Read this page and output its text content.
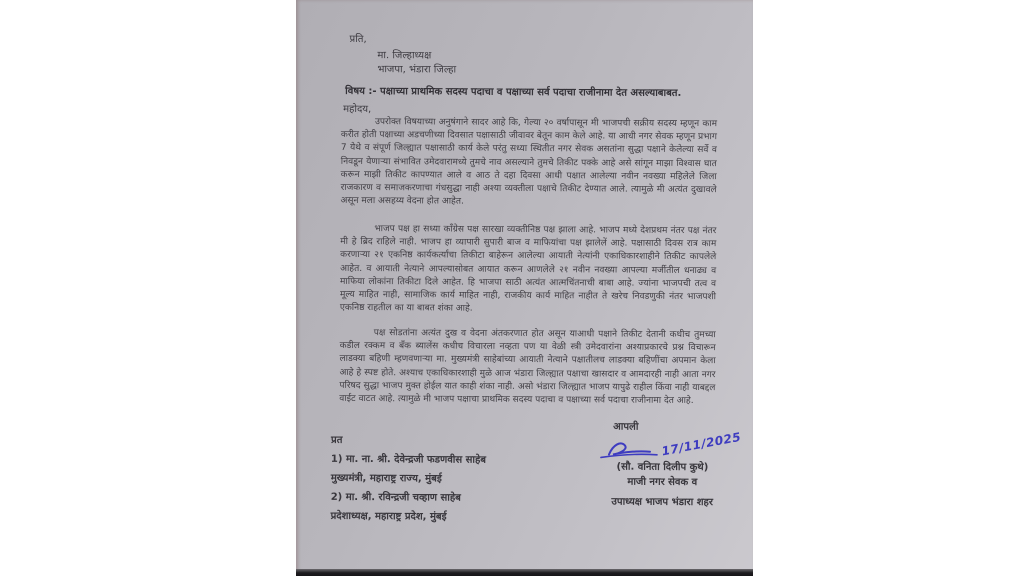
प्रति,
मा. जिल्हाध्यक्ष
भाजपा, भंडारा जिल्हा
विषय :- पक्षाच्या प्राथमिक सदस्य पदाचा व पक्षाच्या सर्व पदाचा राजीनामा देत असल्याबाबत.
महोदय,

उपरोक्त विषयाच्या अनुषंगाने सादर आहे कि, गेल्या २० वर्षापासून मी भाजपची सक्रीय सदस्य म्हणून काम करीत होती पक्षाच्या अडचणीच्या दिवसात पक्षासाठी जीवावर बेतून काम केले आहे. या आधी नगर सेवक म्हणून प्रभाग 7 येथे व संपूर्ण जिल्ह्यात पक्षासाठी कार्य केले परंतु सध्या स्थितीत नगर सेवक असतांना सुद्धा पक्षाने केलेल्या सर्वे व निवडून येणाऱ्या संभावित उमेदवारामध्ये तुमचे नाव असल्याने तुमचे तिकीट पक्के आहे असे सांगून माझा विश्वास घात करून माझी तिकीट कापण्यात आले व आठ ते दहा दिवसा आधी पक्षात आलेल्या नवीन नवख्या महिलेले जिला राजकारण व समाजकरणाचा गंधसुद्धा नाही अश्या व्यक्तीला पक्षाचे तिकीट देण्यात आले. त्यामुळे मी अत्यंत दुखावले असून मला असहय्य वेदना होत आहेत.

भाजप पक्ष हा सध्या काँग्रेस पक्ष सारखा व्यक्तीनिष्ठ पक्ष झाला आहे. भाजप मध्ये देशप्रथम नंतर पक्ष नंतर मी हे ब्रिद राहिले नाही. भाजप हा व्यापारी सुपारी बाज व माफियांचा पक्ष झालेलें आहे. पक्षासाठी दिवस रात्र काम करणाऱ्या २१ एकनिष्ठ कार्यकर्त्यांचा तिकीटा बाहेरून आलेल्या आयाती नेत्यांनी एकाधिकारशाहीने तिकीट कापलेले आहेत. व आयाती नेत्याने आपल्यासोबत आयात करून आणलेले २१ नवीन नवख्या आपल्या मर्जीतील धनाढ्य व माफिया लोकांना तिकीटा दिले आहेत. हि भाजपा साठी अत्यंत आत्मचिंतनाची बाबा आहे. ज्यांना भाजपची तत्व व मूल्य माहित नाही, सामाजिक कार्य माहित नाही, राजकीय कार्य माहित नाहीत ते खरेच निवडणुकी नंतर भाजपशी एकनिष्ठ राहतील का या बाबत शंका आहे.

पक्ष सोडतांना अत्यंत दुख व वेदना अंतकरणात होत असून याआधी पक्षाने तिकीट देतानी कधीच तुमच्या कडील रक्कम व बँक ब्यालेंस कधीच विचारला नव्हता पण या वेळी स्त्री उमेदवारांना अश्याप्रकारचे प्रश्न विचारून लाडक्या बहिणी म्हणवणाऱ्या मा. मुख्यमंत्री साहेबांच्या आयाती नेत्याने पक्षातीलच लाडक्या बहिणींचा अपमान केला आहे हे स्पष्ट होते. अश्याच एकाधिकारशाही मुळे आज भंडारा जिल्ह्यात पक्षाचा खासदार व आमदारही नाही आता नगर परिषद सुद्धा भाजप मुक्त होईल यात काही शंका नाही. असो भंडारा जिल्ह्यात भाजप यापुढे राहील किंवा नाही याबद्दल वाईट वाटत आहे. त्यामुळे मी भाजप पक्षाचा प्राथमिक सदस्य पदाचा व पक्षाच्या सर्व पदाचा राजीनामा देत आहे.

आपली
17/11/2025
(सौ. वनिता दिलीप कुथे)
माजी नगर सेवक व
उपाध्यक्ष भाजप भंडारा शहर
प्रत
1) मा. ना. श्री. देवेन्द्रजी फडणवीस साहेब
मुख्यमंत्री, महाराष्ट्र राज्य, मुंबई
2) मा. श्री. रविन्द्रजी चव्हाण साहेब
प्रदेशाध्यक्ष, महाराष्ट्र प्रदेश, मुंबई
